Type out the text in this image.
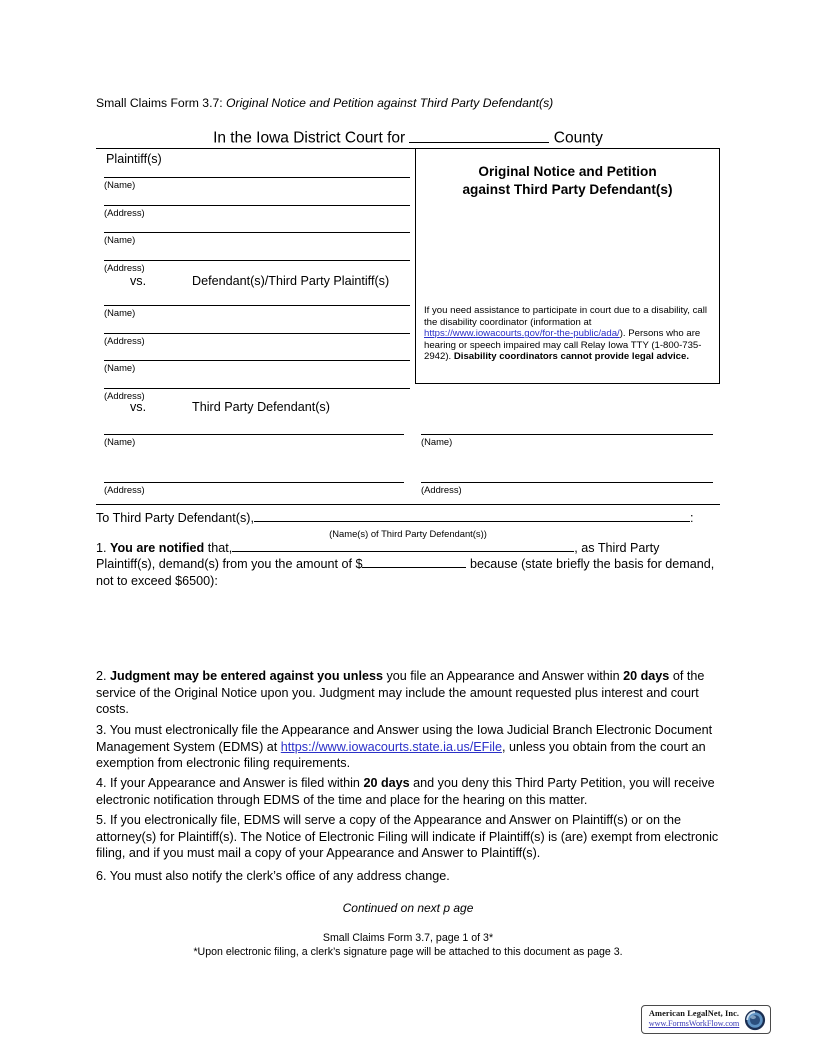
Small Claims Form 3.7: Original Notice and Petition against Third Party Defendant(s)
In the Iowa District Court for	County
Plaintiff(s)
(Name)
(Address)
(Name)
(Address)
vs.	Defendant(s)/Third Party Plaintiff(s)
(Name)
(Address)
(Name)
(Address)
vs.	Third Party Defendant(s)
(Name)
(Address)
Original Notice and Petition
against Third Party Defendant(s)
If you need assistance to participate in court due to a disability, call the disability coordinator (information at https://www.iowacourts.gov/for-the-public/ada/). Persons who are hearing or speech impaired may call Relay Iowa TTY (1-800-735-2942). Disability coordinators cannot provide legal advice.
(Name)
(Address)
To Third Party Defendant(s),	:
(Name(s) of Third Party Defendant(s))
1. You are notified that,	, as Third Party Plaintiff(s), demand(s) from you the amount of $	because (state briefly the basis for demand, not to exceed $6500):
2. Judgment may be entered against you unless you file an Appearance and Answer within 20 days of the service of the Original Notice upon you. Judgment may include the amount requested plus interest and court costs.
3. You must electronically file the Appearance and Answer using the Iowa Judicial Branch Electronic Document Management System (EDMS) at https://www.iowacourts.state.ia.us/EFile, unless you obtain from the court an exemption from electronic filing requirements.
4. If your Appearance and Answer is filed within 20 days and you deny this Third Party Petition, you will receive electronic notification through EDMS of the time and place for the hearing on this matter.
5. If you electronically file, EDMS will serve a copy of the Appearance and Answer on Plaintiff(s) or on the attorney(s) for Plaintiff(s). The Notice of Electronic Filing will indicate if Plaintiff(s) is (are) exempt from electronic filing, and if you must mail a copy of your Appearance and Answer to Plaintiff(s).
6. You must also notify the clerk’s office of any address change.
Continued on next p age
Small Claims Form 3.7, page 1 of 3*
*Upon electronic filing, a clerk’s signature page will be attached to this document as page 3.
American LegalNet, Inc.
www.FormsWorkFlow.com
